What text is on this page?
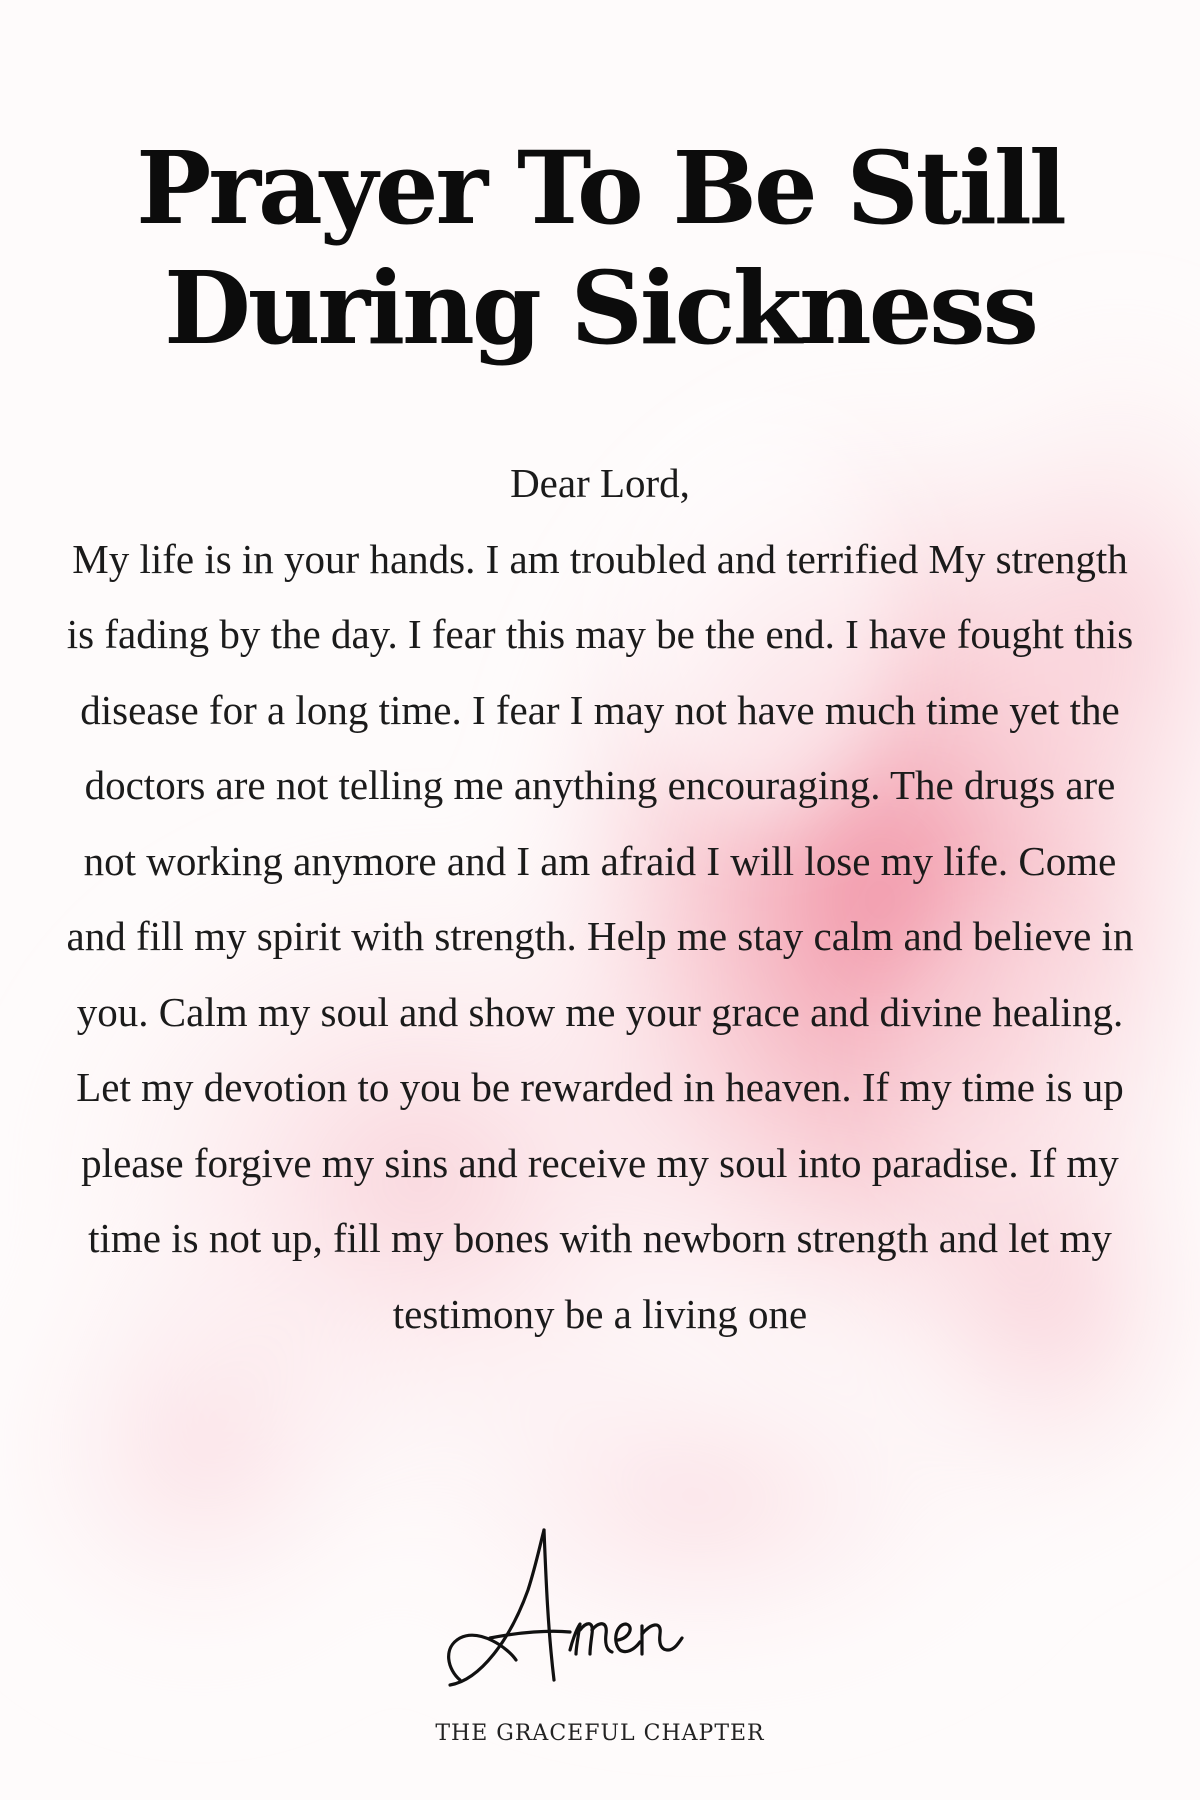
Prayer To Be Still
During Sickness
Dear Lord,
My life is in your hands. I am troubled and terrified My strength is fading by the day. I fear this may be the end. I have fought this disease for a long time. I fear I may not have much time yet the doctors are not telling me anything encouraging. The drugs are not working anymore and I am afraid I will lose my life. Come and fill my spirit with strength. Help me stay calm and believe in you. Calm my soul and show me your grace and divine healing. Let my devotion to you be rewarded in heaven. If my time is up please forgive my sins and receive my soul into paradise. If my time is not up, fill my bones with newborn strength and let my testimony be a living one
THE GRACEFUL CHAPTER
